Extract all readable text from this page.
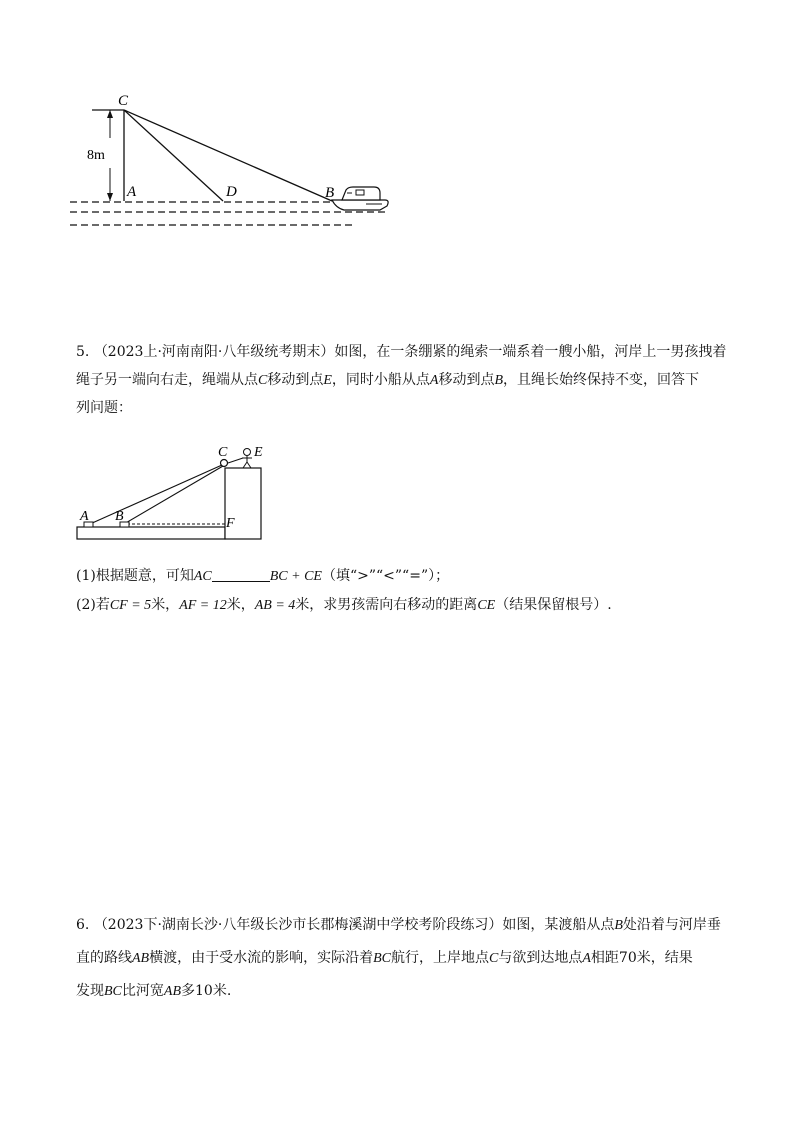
8m
C
A	D	B
5. （2023上·河南南阳·八年级统考期末）如图，在一条绷紧的绳索一端系着一艘小船，河岸上一男孩拽着
绳子另一端向右走，绳端从点C移动到点E，同时小船从点A移动到点B，且绳长始终保持不变，回答下
列问题：
C E
A B	F
(1)根据题意，可知AC	BC + CE（填“>”“<”“=”）；
(2)若CF = 5米，AF = 12米，AB = 4米，求男孩需向右移动的距离CE（结果保留根号）.
6. （2023下·湖南长沙·八年级长沙市长郡梅溪湖中学校考阶段练习）如图，某渡船从点B处沿着与河岸垂
直的路线AB横渡，由于受水流的影响，实际沿着BC航行，上岸地点C与欲到达地点A相距70米，结果
发现BC比河宽AB多10米.
